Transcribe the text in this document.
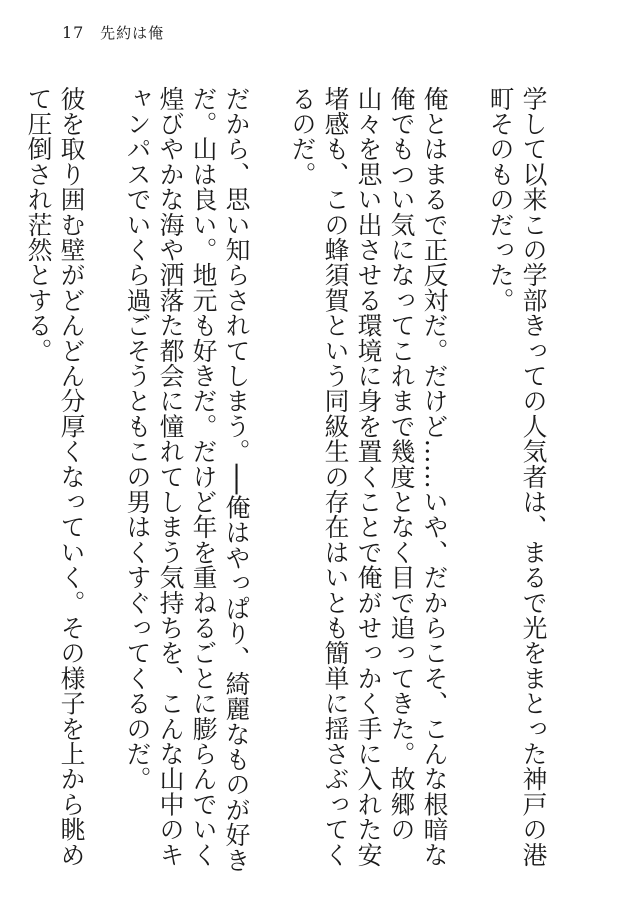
17 先約は俺

学して以来この学部きっての人気者は、まるで光をまとった神戸の港町そのものだった。

俺とはまるで正反対だ。だけど……いや、だからこそ、こんな根暗な俺でもつい気になってこれまで幾度となく目で追ってきた。故郷の山々を思い出させる環境に身を置くことで俺がせっかく手に入れた安堵感も、この蜂須賀という同級生の存在はいとも簡単に揺さぶってくるのだ。

だから、思い知らされてしまう。──俺はやっぱり、綺麗なものが好きだ。山は良い。地元も好きだ。だけど年を重ねるごとに膨らんでいく煌びやかな海や洒落た都会に憧れてしまう気持ちを、こんな山中のキャンパスでいくら過ごそうともこの男はくすぐってくるのだ。

彼を取り囲む壁がどんどん分厚くなっていく。その様子を上から眺めて圧倒され茫然とする。
